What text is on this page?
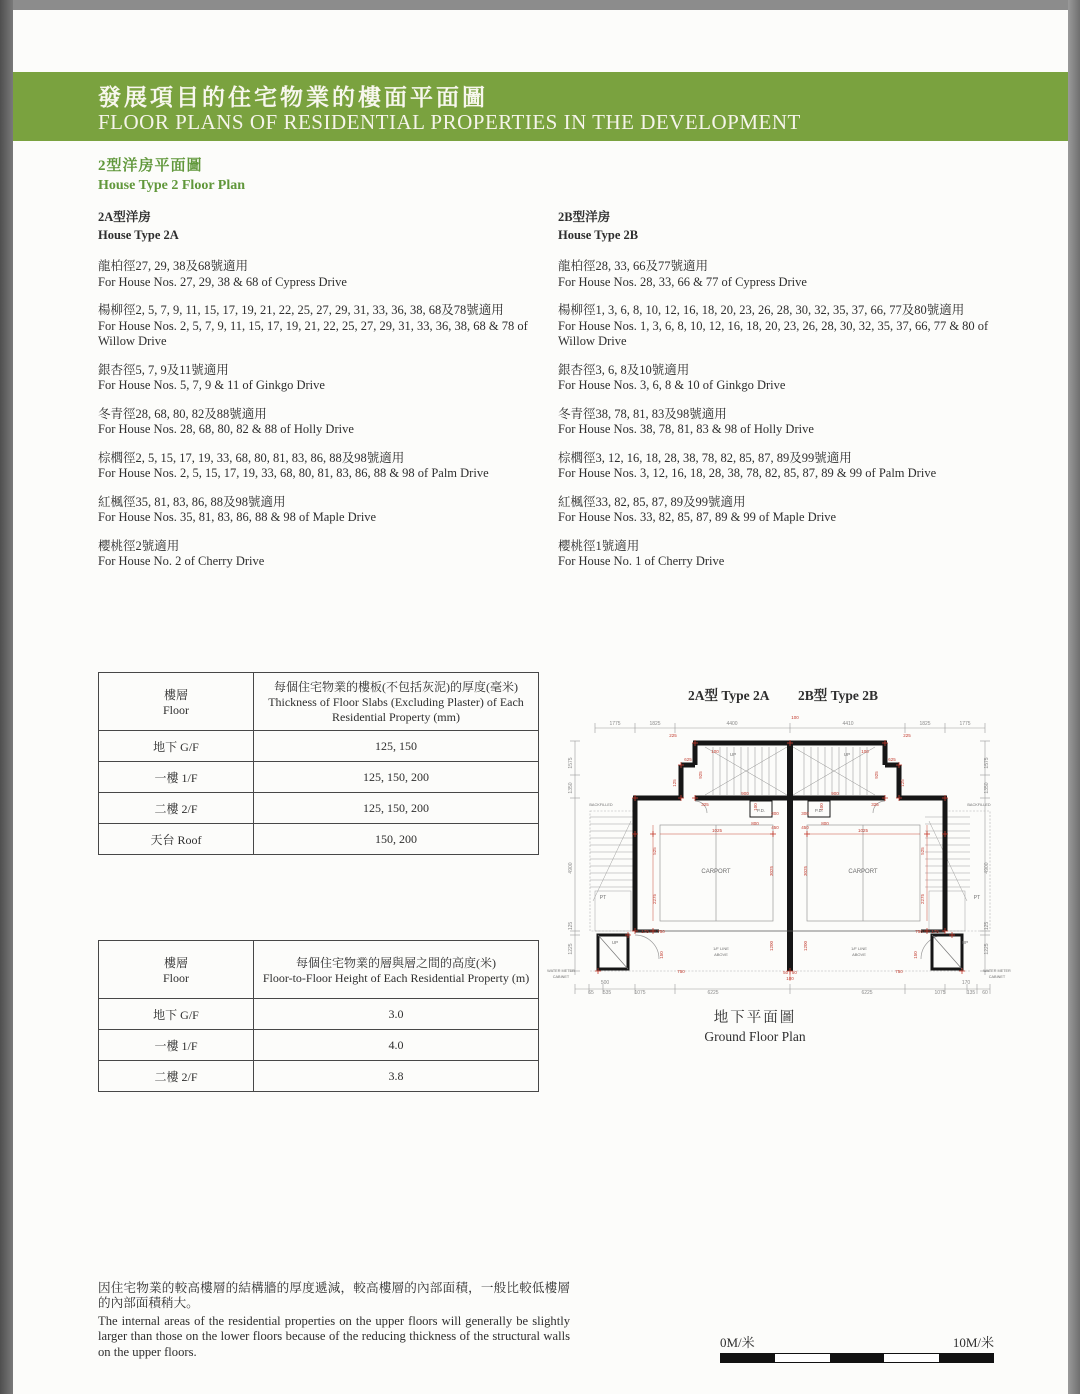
發展項目的住宅物業的樓面平面圖
FLOOR PLANS OF RESIDENTIAL PROPERTIES IN THE DEVELOPMENT
2型洋房平面圖
House Type 2 Floor Plan
2A型洋房
House Type 2A
龍柏徑27, 29, 38及68號適用
For House Nos. 27, 29, 38 & 68 of Cypress Drive
楊柳徑2, 5, 7, 9, 11, 15, 17, 19, 21, 22, 25, 27, 29, 31, 33, 36, 38, 68及78號適用
For House Nos. 2, 5, 7, 9, 11, 15, 17, 19, 21, 22, 25, 27, 29, 31, 33, 36, 38, 68 & 78 of Willow Drive
銀杏徑5, 7, 9及11號適用
For House Nos. 5, 7, 9 & 11 of Ginkgo Drive
冬青徑28, 68, 80, 82及88號適用
For House Nos. 28, 68, 80, 82 & 88 of Holly Drive
棕櫚徑2, 5, 15, 17, 19, 33, 68, 80, 81, 83, 86, 88及98號適用
For House Nos. 2, 5, 15, 17, 19, 33, 68, 80, 81, 83, 86, 88 & 98 of Palm Drive
紅楓徑35, 81, 83, 86, 88及98號適用
For House Nos. 35, 81, 83, 86, 88 & 98 of Maple Drive
櫻桃徑2號適用
For House No. 2 of Cherry Drive
2B型洋房
House Type 2B
龍柏徑28, 33, 66及77號適用
For House Nos. 28, 33, 66 & 77 of Cypress Drive
楊柳徑1, 3, 6, 8, 10, 12, 16, 18, 20, 23, 26, 28, 30, 32, 35, 37, 66, 77及80號適用
For House Nos. 1, 3, 6, 8, 10, 12, 16, 18, 20, 23, 26, 28, 30, 32, 35, 37, 66, 77 & 80 of Willow Drive
銀杏徑3, 6, 8及10號適用
For House Nos. 3, 6, 8 & 10 of Ginkgo Drive
冬青徑38, 78, 81, 83及98號適用
For House Nos. 38, 78, 81, 83 & 98 of Holly Drive
棕櫚徑3, 12, 16, 18, 28, 38, 78, 82, 85, 87, 89及99號適用
For House Nos. 3, 12, 16, 18, 28, 38, 78, 82, 85, 87, 89 & 99 of Palm Drive
紅楓徑33, 82, 85, 87, 89及99號適用
For House Nos. 33, 82, 85, 87, 89 & 99 of Maple Drive
櫻桃徑1號適用
For House No. 1 of Cherry Drive
樓層
Floor

每個住宅物業的樓板(不包括灰泥)的厚度(毫米)
Thickness of Floor Slabs (Excluding Plaster) of Each Residential Property (mm)

地下 G/F	125, 150
一樓 1/F	125, 150, 200
二樓 2/F	125, 150, 200
天台 Roof	150, 200
樓層
Floor

每個住宅物業的層與層之間的高度(米)
Floor-to-Floor Height of Each Residential Property (m)

地下 G/F	3.0
一樓 1/F	4.0
二樓 2/F	3.8
2A型 Type 2A 2B型 Type 2B
1775	1825	4400	4410	1825	1775
1575
1350
4900
125
1225
1575
1350
4900
125
1225
500
65 535	1075	6225	6225	1075
170
135 60
100
225	225
100	100
925	925
625	625
125	125
325	325
900	900
100	100
300	300
1025	1025
800	800
450	450
525	525
2275	2275
3025	3025
1200	1200
175	175
750	750
150	150
750	750
50 | 50
100
CARPORT	CARPORT
P.D.	P.D.
UP	UP
UP	UP
PT	PT
BACKFILLED	BACKFILLED
WATER METER
CABINET
WATER METER
CABINET
1/F LINE
ABOVE
1/F LINE
ABOVE
地下平面圖
Ground Floor Plan
因住宅物業的較高樓層的結構牆的厚度遞減，較高樓層的內部面積，一般比較低樓層的內部面積稍大。
The internal areas of the residential properties on the upper floors will generally be slightly larger than those on the lower floors because of the reducing thickness of the structural walls on the upper floors.
0M/米	10M/米
